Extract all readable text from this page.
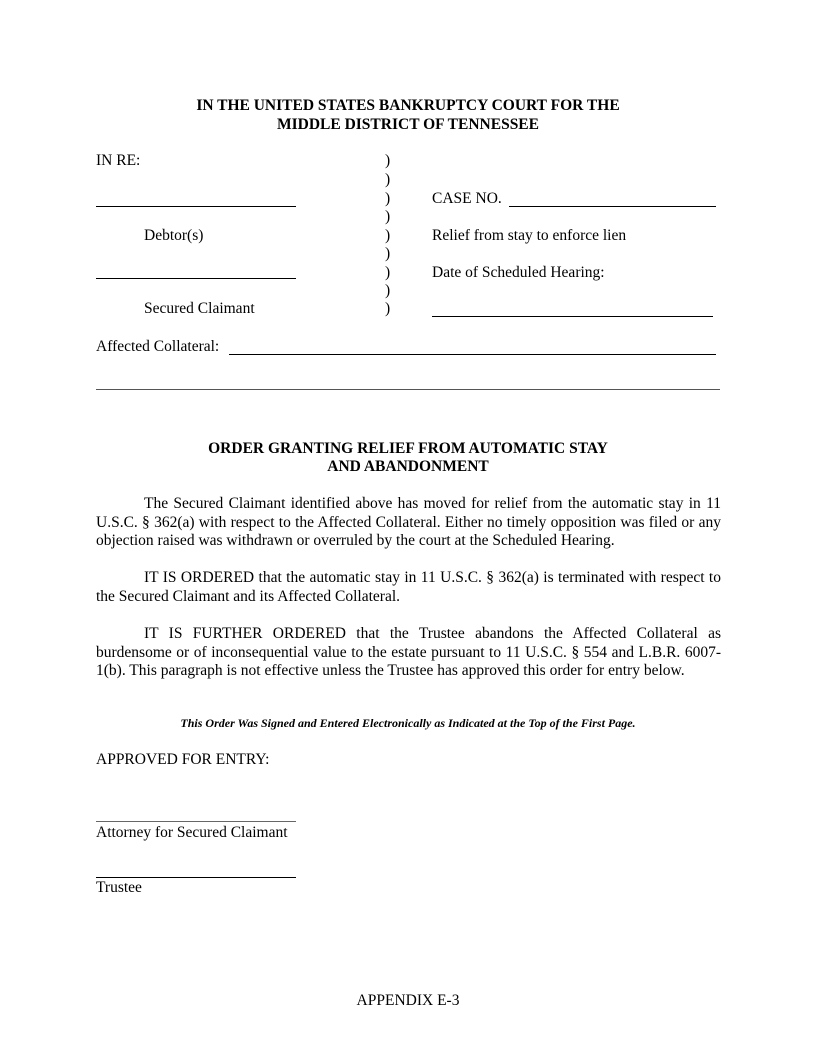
IN THE UNITED STATES BANKRUPTCY COURT FOR THE
MIDDLE DISTRICT OF TENNESSEE
IN RE:
Debtor(s)
Secured Claimant
)
)
)
)
)
)
)
)
)
CASE NO.
Relief from stay to enforce lien
Date of Scheduled Hearing:
Affected Collateral:
ORDER GRANTING RELIEF FROM AUTOMATIC STAY
AND ABANDONMENT
The Secured Claimant identified above has moved for relief from the automatic stay in 11 U.S.C. § 362(a) with respect to the Affected Collateral. Either no timely opposition was filed or any objection raised was withdrawn or overruled by the court at the Scheduled Hearing.
IT IS ORDERED that the automatic stay in 11 U.S.C. § 362(a) is terminated with respect to the Secured Claimant and its Affected Collateral.
IT IS FURTHER ORDERED that the Trustee abandons the Affected Collateral as burdensome or of inconsequential value to the estate pursuant to 11 U.S.C. § 554 and L.B.R. 6007-1(b). This paragraph is not effective unless the Trustee has approved this order for entry below.
This Order Was Signed and Entered Electronically as Indicated at the Top of the First Page.
APPROVED FOR ENTRY:
Attorney for Secured Claimant
Trustee
APPENDIX E-3
